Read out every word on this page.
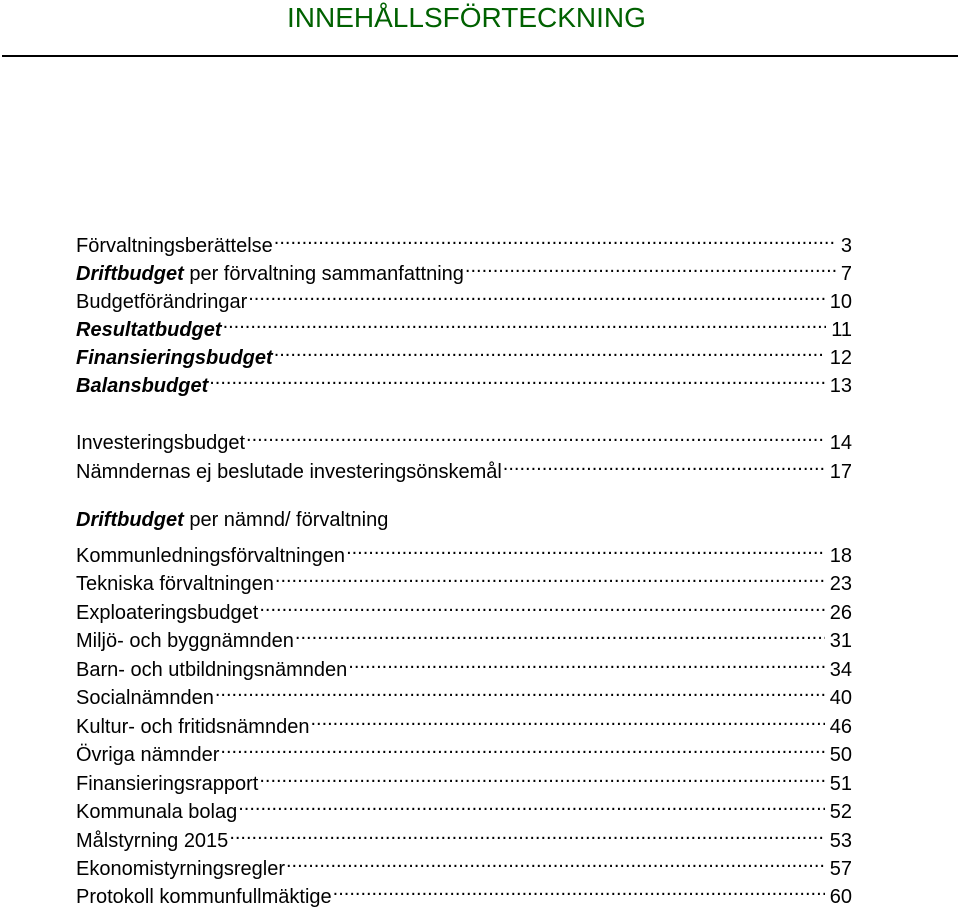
INNEHÅLLSFÖRTECKNING
Förvaltningsberättelse .....	3
Driftbudget per förvaltning sammanfattning .....	7
Budgetförändringar .....	10
Resultatbudget .....	11
Finansieringsbudget .....	12
Balansbudget .....	13
Investeringsbudget .....	14
Nämndernas ej beslutade investeringsönskemål .....	17
Driftbudget per nämnd/ förvaltning
Kommunledningsförvaltningen .....	18
Tekniska förvaltningen .....	23
Exploateringsbudget .....	26
Miljö- och byggnämnden .....	31
Barn- och utbildningsnämnden .....	34
Socialnämnden .....	40
Kultur- och fritidsnämnden .....	46
Övriga nämnder .....	50
Finansieringsrapport .....	51
Kommunala bolag .....	52
Målstyrning 2015 .....	53
Ekonomistyrningsregler .....	57
Protokoll kommunfullmäktige .....	60
